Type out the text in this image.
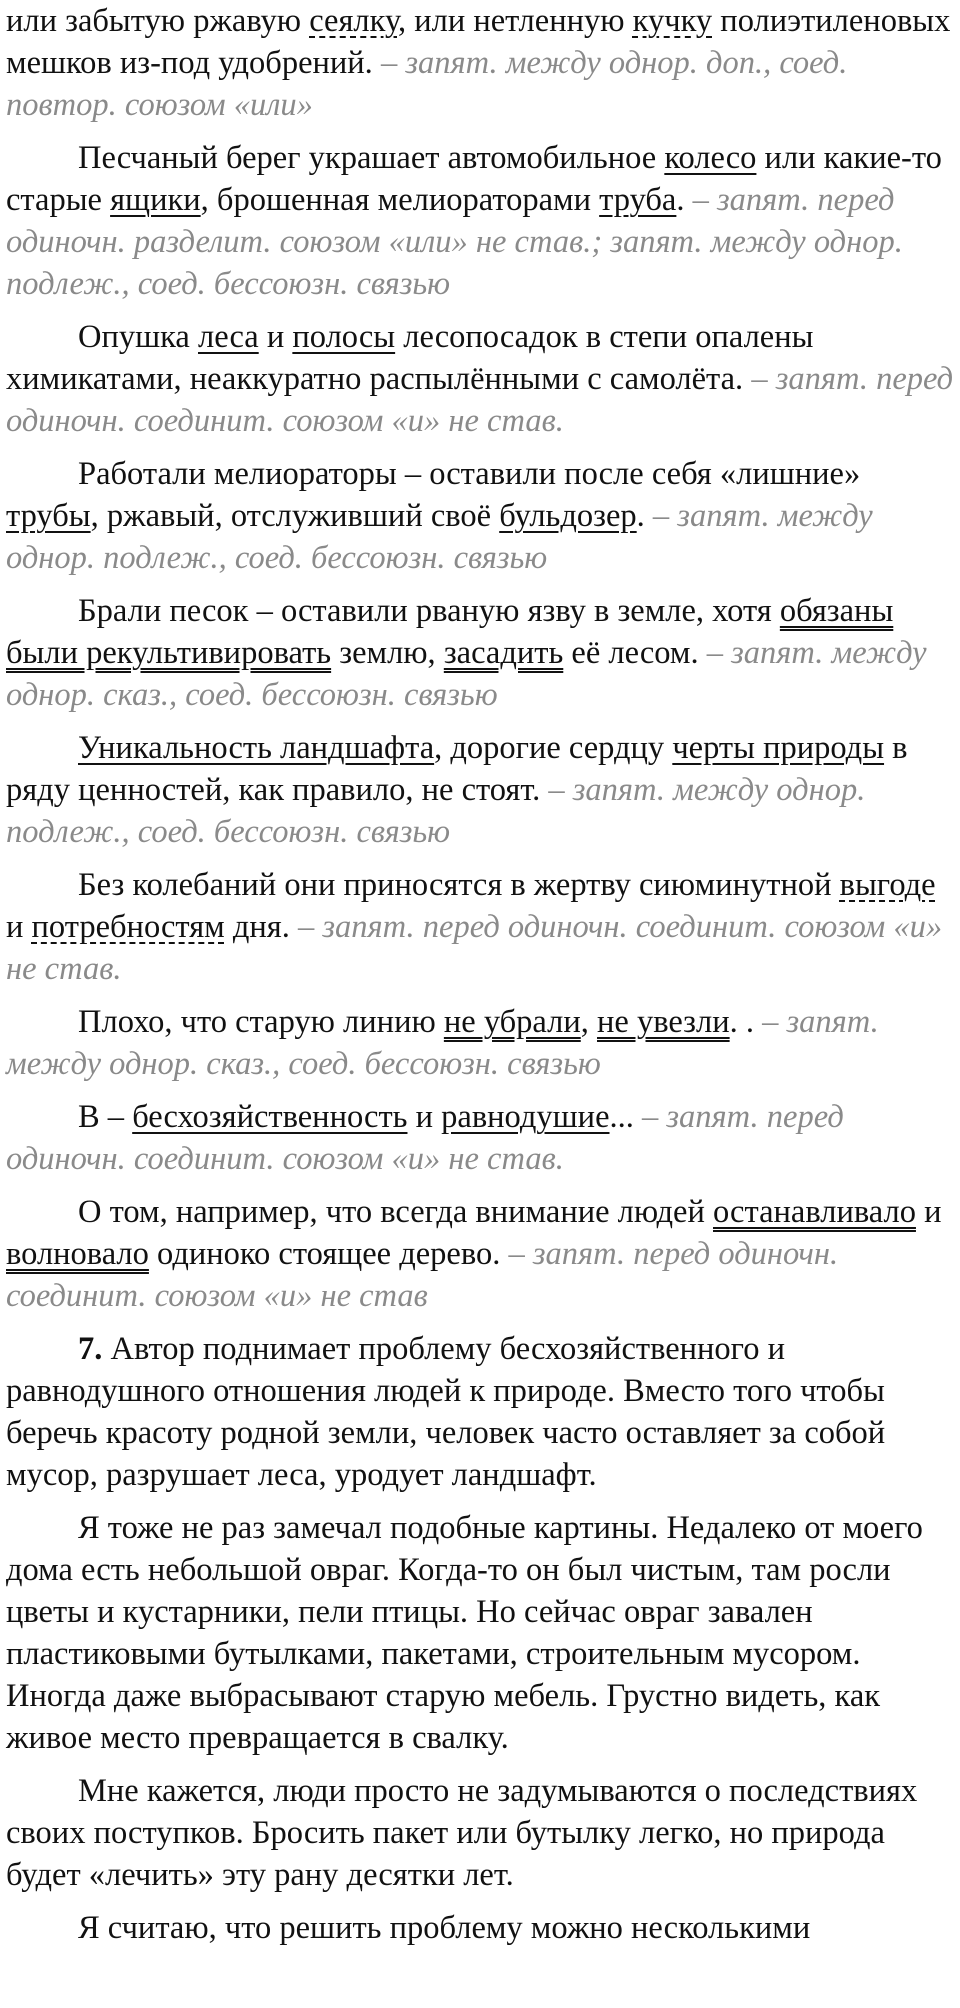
или забытую ржавую сеялку, или нетленную кучку полиэтиленовых мешков из-под удобрений. – запят. между однор. доп., соед. повтор. союзом «или»

Песчаный берег украшает автомобильное колесо или какие-то старые ящики, брошенная мелиораторами труба. – запят. перед одиночн. разделит. союзом «или» не став.; запят. между однор. подлеж., соед. бессоюзн. связью

Опушка леса и полосы лесопосадок в степи опалены химикатами, неаккуратно распылёнными с самолёта. – запят. перед одиночн. соединит. союзом «и» не став.

Работали мелиораторы – оставили после себя «лишние» трубы, ржавый, отслуживший своё бульдозер. – запят. между однор. подлеж., соед. бессоюзн. связью

Брали песок – оставили рваную язву в земле, хотя обязаны были рекультивировать землю, засадить её лесом. – запят. между однор. сказ., соед. бессоюзн. связью

Уникальность ландшафта, дорогие сердцу черты природы в ряду ценностей, как правило, не стоят. – запят. между однор. подлеж., соед. бессоюзн. связью

Без колебаний они приносятся в жертву сиюминутной выгоде и потребностям дня. – запят. перед одиночн. соединит. союзом «и» не став.

Плохо, что старую линию не убрали, не увезли. . – запят. между однор. сказ., соед. бессоюзн. связью

В – бесхозяйственность и равнодушие... – запят. перед одиночн. соединит. союзом «и» не став.

О том, например, что всегда внимание людей останавливало и волновало одиноко стоящее дерево. – запят. перед одиночн. соединит. союзом «и» не став

7. Автор поднимает проблему бесхозяйственного и равнодушного отношения людей к природе. Вместо того чтобы беречь красоту родной земли, человек часто оставляет за собой мусор, разрушает леса, уродует ландшафт.

Я тоже не раз замечал подобные картины. Недалеко от моего дома есть небольшой овраг. Когда-то он был чистым, там росли цветы и кустарники, пели птицы. Но сейчас овраг завален пластиковыми бутылками, пакетами, строительным мусором. Иногда даже выбрасывают старую мебель. Грустно видеть, как живое место превращается в свалку.

Мне кажется, люди просто не задумываются о последствиях своих поступков. Бросить пакет или бутылку легко, но природа будет «лечить» эту рану десятки лет.

Я считаю, что решить проблему можно несколькими
